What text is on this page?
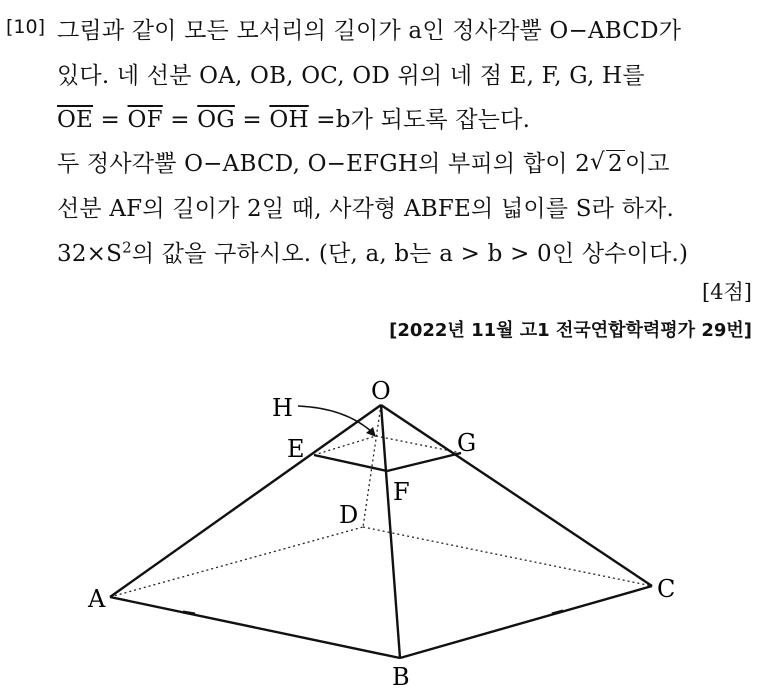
[10] 그림과 같이 모든 모서리의 길이가 a인 정사각뿔 O−ABCD가
있다. 네 선분 OA, OB, OC, OD 위의 네 점 E, F, G, H를
$\overline{OE} = \overline{OF} = \overline{OG} = \overline{OH} =b$가 되도록 잡는다.
두 정사각뿔 O−ABCD, O−EFGH의 부피의 합이 2 √ 2이고
선분 AF의 길이가 2일 때, 사각형 ABFE의 넓이를 S라 하자.
$32\times S^2$의 값을 구하시오. (단, a, b는 a > b > 0인 상수이다.)
[4점]
[2022년 11월 고1 전국연합학력평가 29번]
O
H
E	G
F
D
A
B
C
